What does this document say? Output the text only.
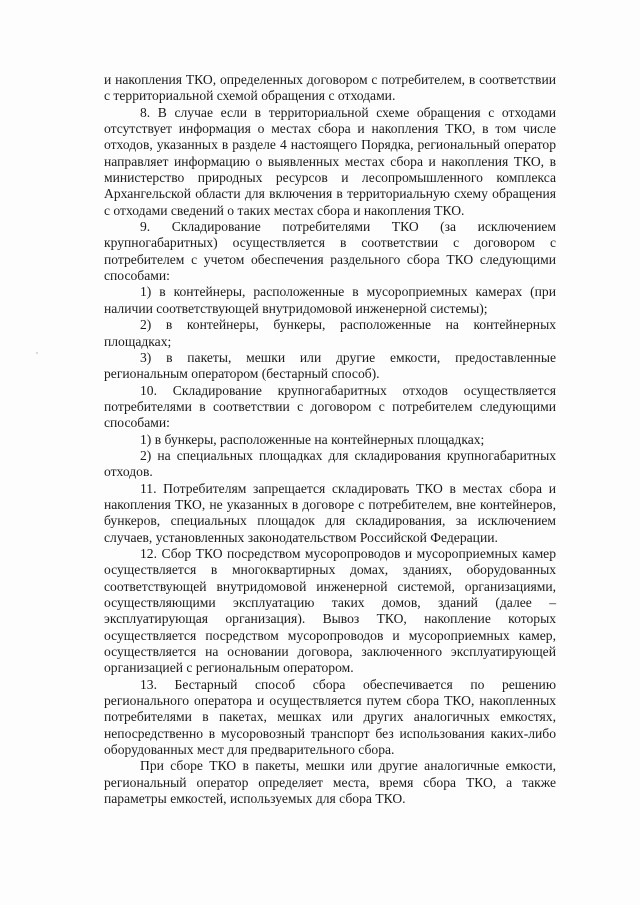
и накопления ТКО, определенных договором с потребителем, в соответствии с территориальной схемой обращения с отходами.

8. В случае если в территориальной схеме обращения с отходами отсутствует информация о местах сбора и накопления ТКО, в том числе отходов, указанных в разделе 4 настоящего Порядка, региональный оператор направляет информацию о выявленных местах сбора и накопления ТКО, в министерство природных ресурсов и лесопромышленного комплекса Архангельской области для включения в территориальную схему обращения с отходами сведений о таких местах сбора и накопления ТКО.

9. Складирование потребителями ТКО (за исключением крупногабаритных) осуществляется в соответствии с договором с потребителем с учетом обеспечения раздельного сбора ТКО следующими способами:

1) в контейнеры, расположенные в мусороприемных камерах (при наличии соответствующей внутридомовой инженерной системы);

2) в контейнеры, бункеры, расположенные на контейнерных площадках;

3) в пакеты, мешки или другие емкости, предоставленные региональным оператором (бестарный способ).

10. Складирование крупногабаритных отходов осуществляется потребителями в соответствии с договором с потребителем следующими способами:

1) в бункеры, расположенные на контейнерных площадках;

2) на специальных площадках для складирования крупногабаритных отходов.

11. Потребителям запрещается складировать ТКО в местах сбора и накопления ТКО, не указанных в договоре с потребителем, вне контейнеров, бункеров, специальных площадок для складирования, за исключением случаев, установленных законодательством Российской Федерации.

12. Сбор ТКО посредством мусоропроводов и мусороприемных камер осуществляется в многоквартирных домах, зданиях, оборудованных соответствующей внутридомовой инженерной системой, организациями, осуществляющими эксплуатацию таких домов, зданий (далее – эксплуатирующая организация). Вывоз ТКО, накопление которых осуществляется посредством мусоропроводов и мусороприемных камер, осуществляется на основании договора, заключенного эксплуатирующей организацией с региональным оператором.

13. Бестарный способ сбора обеспечивается по решению регионального оператора и осуществляется путем сбора ТКО, накопленных потребителями в пакетах, мешках или других аналогичных емкостях, непосредственно в мусоровозный транспорт без использования каких-либо оборудованных мест для предварительного сбора.

При сборе ТКО в пакеты, мешки или другие аналогичные емкости, региональный оператор определяет места, время сбора ТКО, а также параметры емкостей, используемых для сбора ТКО.
